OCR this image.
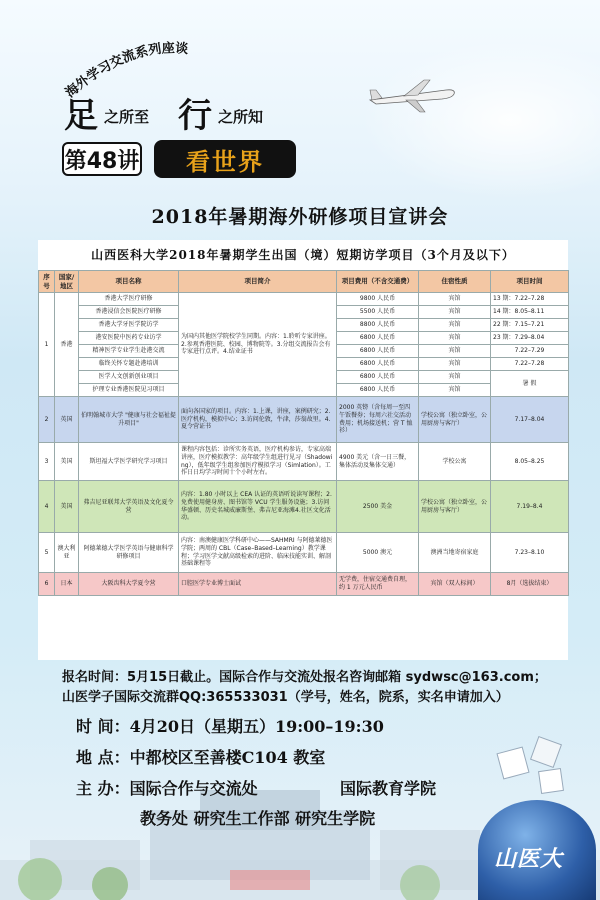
海外学习交流系列座谈
足 之所至 行 之所知
第48讲	看世界
2018年暑期海外研修项目宣讲会
山西医科大学2018年暑期学生出国（境）短期访学项目（3个月及以下）
序号	国家/地区	项目名称	项目简介	项目费用（不含交通费）	住宿性质	项目时间
1	香港	香港大学医疗研修	为国内其他医学院校学生同期。内容：1.聆听专家讲座。2.参观香港医院、校园、博物院等。3.分组交流报告会有专家进行点评。4.结业证书	9800 人民币	宾馆	13 期：7.22–7.28
		香港浸信会医院医疗研修		5500 人民币	宾馆	14 期：8.05–8.11
		香港大学牙医学院访学		8800 人民币	宾馆	22 期：7.15–7.21
		港安医院中医药专业访学		6800 人民币	宾馆	23 期：7.29–8.04
		精神医学专业学生赴港交流		6800 人民币	宾馆	7.22–7.29
		临终关怀专题赴港培训		6800 人民币	宾馆	7.22–7.28
		医学人文创新创业项目		6800 人民币	宾馆	暑 假
		护理专业香港医院见习项目		6800 人民币	宾馆	
2	英国	伯明翰城市大学 "健康与社会福祉提升项目"	面向各国家的项目。内容：1.上课，讲座，案例研究；2.医疗机构，模拟中心；3.访问伦敦，牛津，莎翁故里。4.夏令营证书	2000 英镑（含每周一至四午饭餐券；每周六社交活动费用；机场接送机；营 T 恤衫）	学校公寓（独立卧室，公用厨房与客厅）	7.17–8.04
3	美国	斯坦福大学医学研究学习项目	课程内容包括：诊所实务英语，医疗机构参访，专家高端讲座，医疗模拟教学：高年级学生组进行见习（Shadowing），低年级学生组参加医疗模拟学习（Simlation）。工作日日均学习时间十个小时左右。	4900 美元（含一日三餐，集体活动及集体交通）	学校公寓	8.05–8.25
4	美国	弗吉尼亚联邦大学英语及文化夏令营	内容：1.80 小时以上 CEA 认证的英语听说读写课程；2.免费使用健身房、图书馆等 VCU 学生服务设施；3.访问华盛顿、历史名城威廉斯堡、弗吉尼亚海滩4.社区文化活动。	2500 美金	学校公寓（独立卧室，公用厨房与客厅）	7.19–8.4
5	澳大利亚	阿德莱德大学医学英语与健康科学研修项目	内容：南澳健康医学科研中心——SAHMRI 与阿德莱德医学院；两周的 CBL（Case–Based–Learning）教学课程；学习医学文献高级检索的进阶、临床技能实训、解剖基础课程等	5000 澳元	澳洲当地寄宿家庭	7.23–8.10
6	日本	大阪齿科大学夏令营	口腔医学专业博士面试	无学费，住宿交通费自理，约 1 万元人民币	宾馆（双人标间）	8月（选拔结束）
报名时间：5月15日截止。国际合作与交流处报名咨询邮箱 sydwsc@163.com；
山医学子国际交流群QQ:365533031（学号，姓名，院系，实名申请加入）
时 间：4月20日（星期五）19:00–19:30
地 点：中都校区至善楼C104 教室
主 办：国际合作与交流处	国际教育学院
教务处 研究生工作部 研究生学院
山医大
